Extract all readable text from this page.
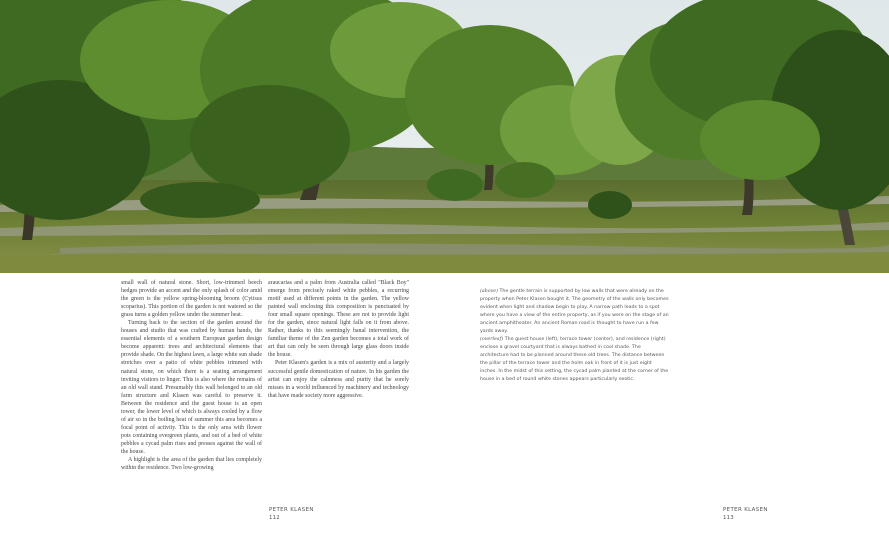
small wall of natural stone. Short, low-trimmed beech hedges provide an accent and the only splash of color amid the green is the yellow spring-blooming broom (Cytisus scoparius). This portion of the garden is not watered so the grass turns a golden yellow under the summer heat.

Turning back to the section of the garden around the houses and studio that was crafted by human hands, the essential elements of a southern European garden design become apparent: trees and architectural elements that provide shade. On the highest lawn, a large white sun shade stretches over a patio of white pebbles trimmed with natural stone, on which there is a seating arrangement inviting visitors to linger. This is also where the remains of an old wall stand. Presumably this wall belonged to an old farm structure and Klasen was careful to preserve it. Between the residence and the guest house is an open tower, the lower level of which is always cooled by a flow of air so in the boiling heat of summer this area becomes a focal point of activity. This is the only area with flower pots containing evergreen plants, and out of a bed of white pebbles a cycad palm rises and presses against the wall of the house.

A highlight is the area of the garden that lies completely within the residence. Two low-growing

araucarias and a palm from Australia called "Black Boy" emerge from precisely raked white pebbles, a recurring motif used at different points in the garden. The yellow painted wall enclosing this composition is punctuated by four small square openings. These are not to provide light for the garden, since natural light falls on it from above. Rather, thanks to this seemingly banal intervention, the familiar theme of the Zen garden becomes a total work of art that can only be seen through large glass doors inside the house.

Peter Klasen's garden is a mix of austerity and a largely successful gentle domestication of nature. In his garden the artist can enjoy the calmness and purity that he sorely misses in a world influenced by machinery and technology that have made society more aggressive.

(above) The gentle terrain is supported by low walls that were already on the property when Peter Klasen bought it. The geometry of the walls only becomes evident when light and shadow begin to play. A narrow path leads to a spot where you have a view of the entire property, as if you were on the stage of an ancient amphitheater. An ancient Roman road is thought to have run a few yards away.

(overleaf) The guest house (left), terrace tower (center), and residence (right) enclose a gravel courtyard that is always bathed in cool shade. The architecture had to be planned around these old trees. The distance between the pillar of the terrace tower and the holm oak in front of it is just eight inches. In the midst of this setting, the cycad palm planted at the corner of the house in a bed of round white stones appears particularly exotic.

PETER KLASEN
112
PETER KLASEN
113
